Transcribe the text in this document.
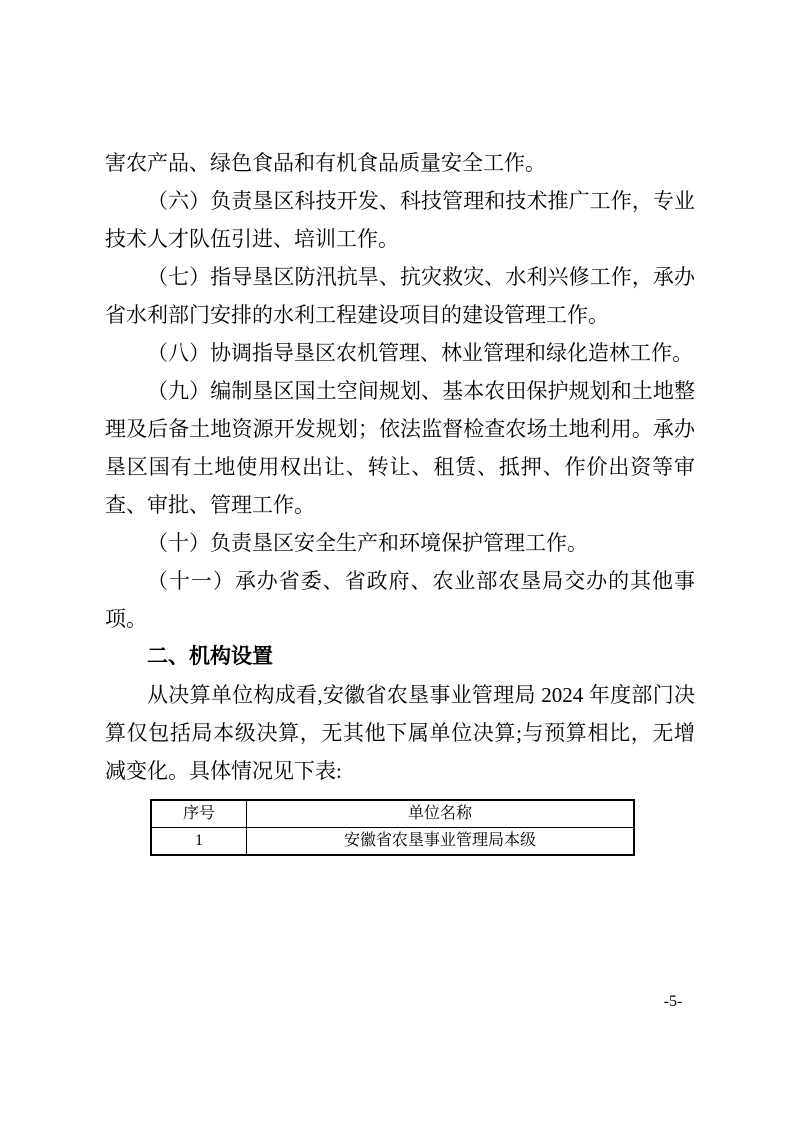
害农产品、绿色食品和有机食品质量安全工作。

（六）负责垦区科技开发、科技管理和技术推广工作，专业技术人才队伍引进、培训工作。

（七）指导垦区防汛抗旱、抗灾救灾、水利兴修工作，承办省水利部门安排的水利工程建设项目的建设管理工作。

（八）协调指导垦区农机管理、林业管理和绿化造林工作。

（九）编制垦区国土空间规划、基本农田保护规划和土地整理及后备土地资源开发规划；依法监督检查农场土地利用。承办垦区国有土地使用权出让、转让、租赁、抵押、作价出资等审查、审批、管理工作。

（十）负责垦区安全生产和环境保护管理工作。

（十一）承办省委、省政府、农业部农垦局交办的其他事项。

二、机构设置

从决算单位构成看,安徽省农垦事业管理局 2024 年度部门决算仅包括局本级决算，无其他下属单位决算;与预算相比，无增减变化。具体情况见下表:

序号	单位名称
1	安徽省农垦事业管理局本级
-5-
